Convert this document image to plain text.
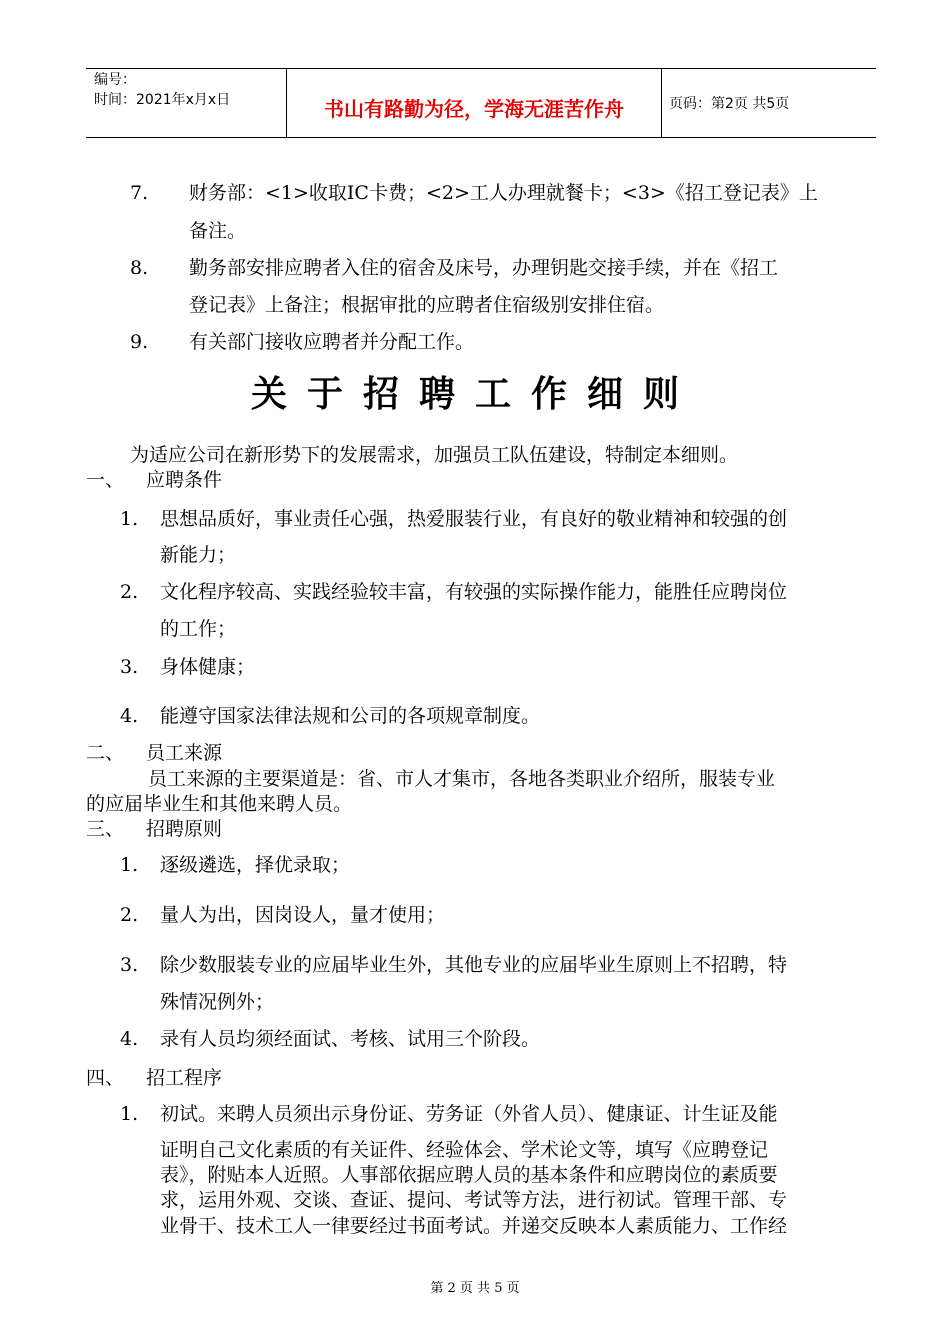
编号：
时间：2021年x月x日	书山有路勤为径，学海无涯苦作舟	页码：第2页 共5页
7. 财务部：<1>收取IC卡费；<2>工人办理就餐卡；<3>《招工登记表》上
备注。
8. 勤务部安排应聘者入住的宿舍及床号，办理钥匙交接手续，并在《招工
登记表》上备注；根据审批的应聘者住宿级别安排住宿。
9. 有关部门接收应聘者并分配工作。
关于招聘工作细则
为适应公司在新形势下的发展需求，加强员工队伍建设，特制定本细则。
一、 应聘条件
1. 思想品质好，事业责任心强，热爱服装行业，有良好的敬业精神和较强的创
新能力；
2. 文化程序较高、实践经验较丰富，有较强的实际操作能力，能胜任应聘岗位
的工作；
3. 身体健康；
4. 能遵守国家法律法规和公司的各项规章制度。
二、 员工来源
员工来源的主要渠道是：省、市人才集市，各地各类职业介绍所，服装专业
的应届毕业生和其他来聘人员。
三、 招聘原则
1. 逐级遴选，择优录取；
2. 量人为出，因岗设人，量才使用；
3. 除少数服装专业的应届毕业生外，其他专业的应届毕业生原则上不招聘，特
殊情况例外；
4. 录有人员均须经面试、考核、试用三个阶段。
四、 招工程序
1. 初试。来聘人员须出示身份证、劳务证（外省人员）、健康证、计生证及能
证明自己文化素质的有关证件、经验体会、学术论文等，填写《应聘登记
表》，附贴本人近照。人事部依据应聘人员的基本条件和应聘岗位的素质要
求，运用外观、交谈、查证、提问、考试等方法，进行初试。管理干部、专
业骨干、技术工人一律要经过书面考试。并递交反映本人素质能力、工作经
第 2 页 共 5 页
